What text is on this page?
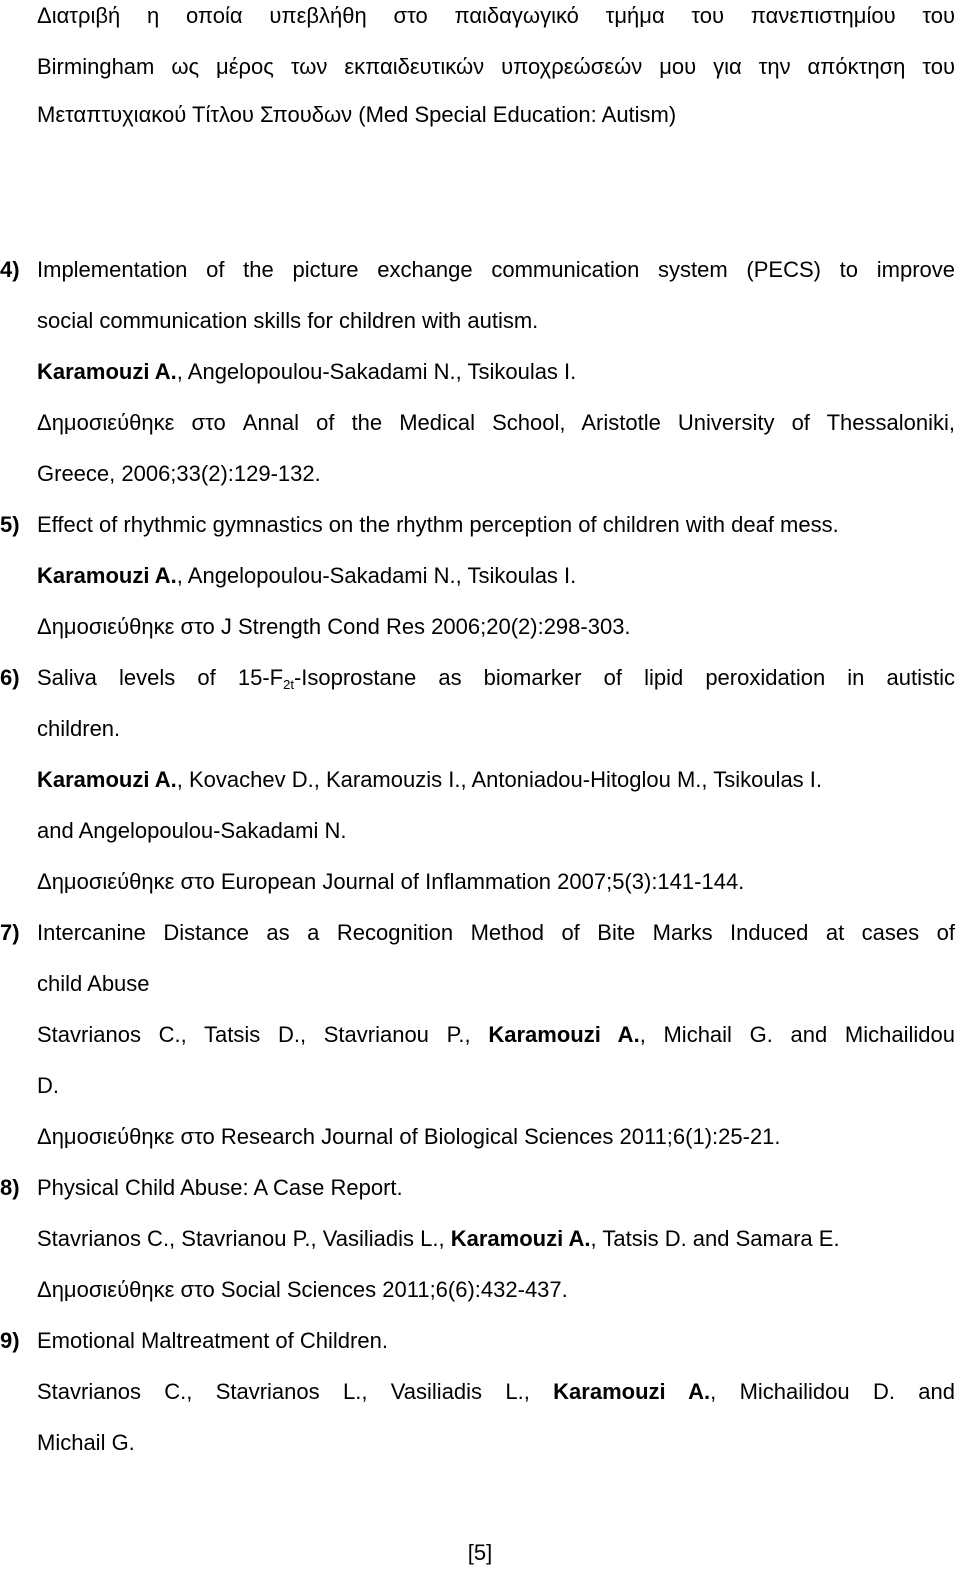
Διατριβή η οποία υπεβλήθη στο παιδαγωγικό τμήμα του πανεπιστημίου του
Birmingham ως μέρος των εκπαιδευτικών υποχρεώσεών μου για την απόκτηση του
Μεταπτυχιακού Τίτλου Σπουδων (Med Special Education: Autism)
4) Implementation of the picture exchange communication system (PECS) to improve
social communication skills for children with autism.
Karamouzi A., Angelopoulou-Sakadami N., Tsikoulas I.
Δημοσιεύθηκε στο Annal of the Medical School, Aristotle University of Thessaloniki,
Greece, 2006;33(2):129-132.
5) Effect of rhythmic gymnastics on the rhythm perception of children with deaf mess.
Karamouzi A., Angelopoulou-Sakadami N., Tsikoulas I.
Δημοσιεύθηκε στο J Strength Cond Res 2006;20(2):298-303.
6) Saliva levels of $15-F_{2t}$-Isoprostane as biomarker of lipid peroxidation in autistic
children.
Karamouzi A., Kovachev D., Karamouzis I., Antoniadou-Hitoglou M., Tsikoulas I.
and Angelopoulou-Sakadami N.
Δημοσιεύθηκε στο European Journal of Inflammation 2007;5(3):141-144.
7) Intercanine Distance as a Recognition Method of Bite Marks Induced at cases of
child Abuse
Stavrianos C., Tatsis D., Stavrianou P., Karamouzi A., Michail G. and Michailidou
D.
Δημοσιεύθηκε στο Research Journal of Biological Sciences 2011;6(1):25-21.
8) Physical Child Abuse: A Case Report.
Stavrianos C., Stavrianou P., Vasiliadis L., Karamouzi A., Tatsis D. and Samara E.
Δημοσιεύθηκε στο Social Sciences 2011;6(6):432-437.
9) Emotional Maltreatment of Children.
Stavrianos C., Stavrianos L., Vasiliadis L., Karamouzi A., Michailidou D. and
Michail G.
[5]
